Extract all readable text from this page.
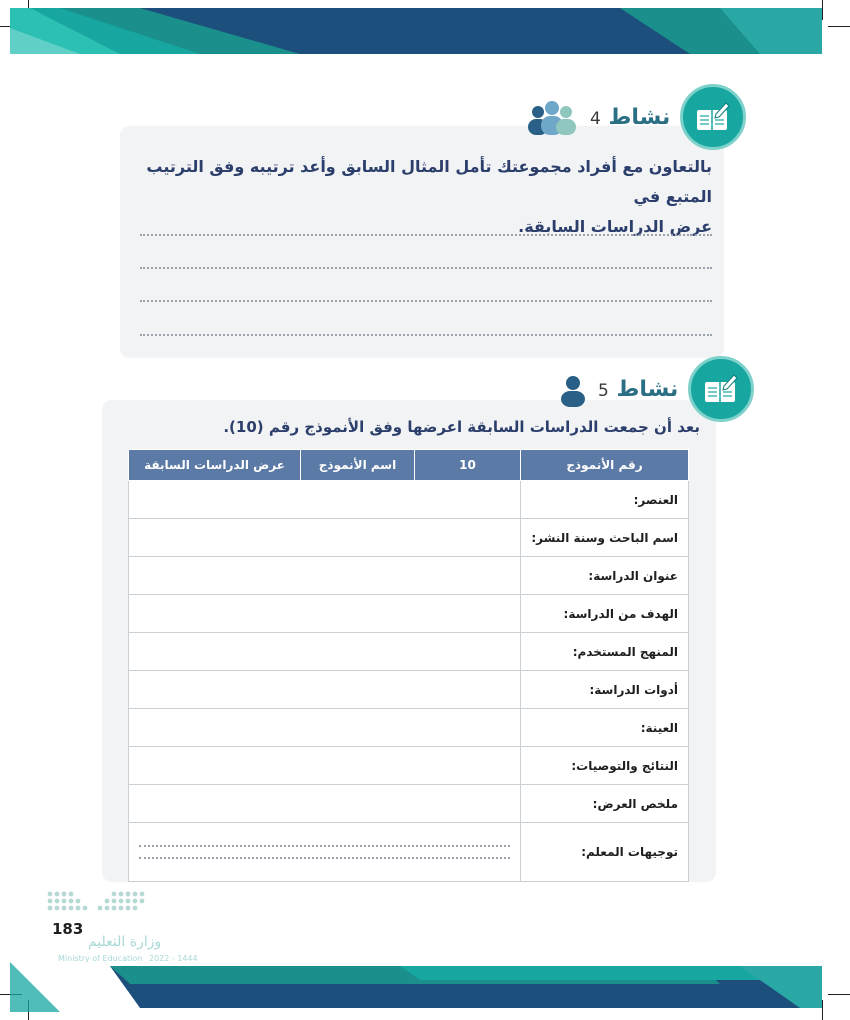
نشاط 4
بالتعاون مع أفراد مجموعتك تأمل المثال السابق وأعد ترتيبه وفق الترتيب المتبع في
عرض الدراسات السابقة.
نشاط 5
بعد أن جمعت الدراسات السابقة اعرضها وفق الأنموذج رقم (10).
رقم الأنموذج	10	اسم الأنموذج	عرض الدراسات السابقة
العنصر:			
اسم الباحث وسنة النشر:			
عنوان الدراسة:			
الهدف من الدراسة:			
المنهج المستخدم:			
أدوات الدراسة:			
العينة:			
النتائج والتوصيات:			
ملخص العرض:			
توجيهات المعلم:			
183
وزارة التعليم
Ministry of Education 2022 - 1444
